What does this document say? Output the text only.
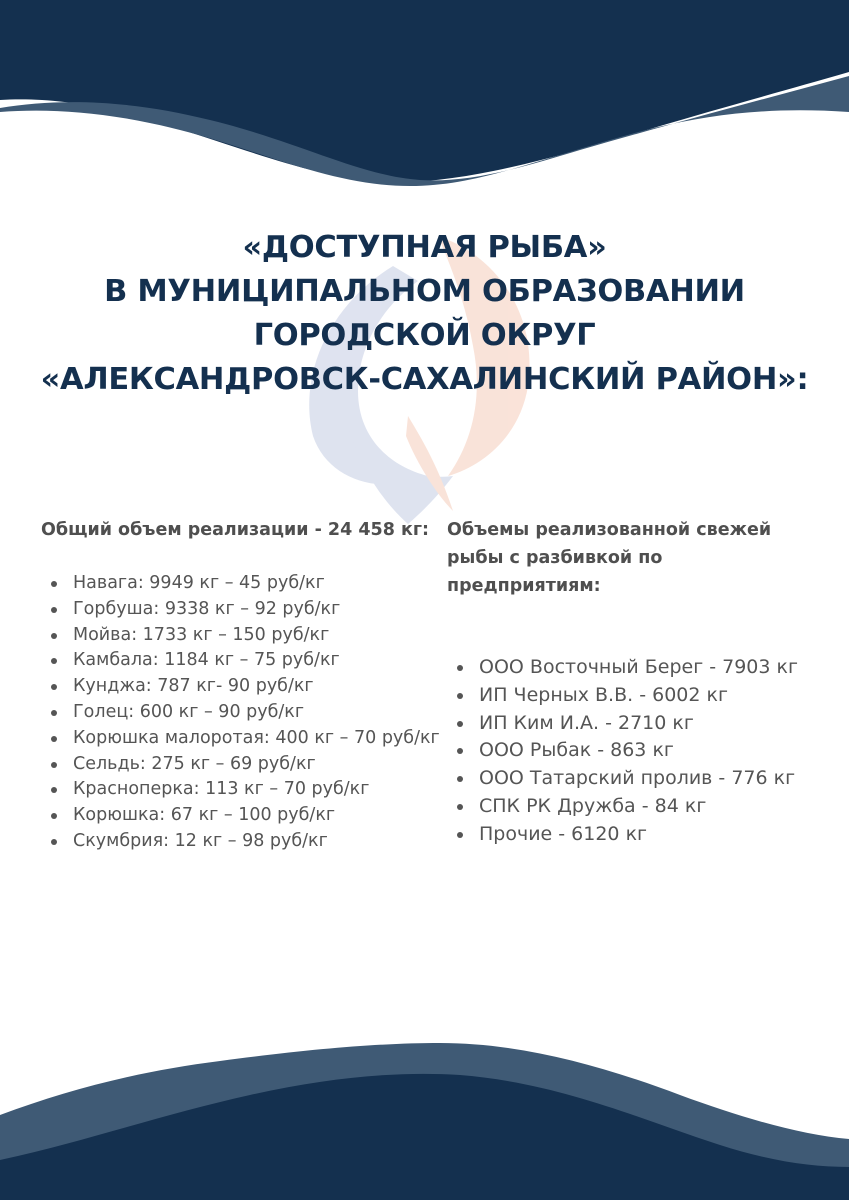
«ДОСТУПНАЯ РЫБА»
В МУНИЦИПАЛЬНОМ ОБРАЗОВАНИИ
ГОРОДСКОЙ ОКРУГ
«АЛЕКСАНДРОВСК-САХАЛИНСКИЙ РАЙОН»:

Общий объем реализации - 24 458 кг:

Навага: 9949 кг – 45 руб/кг
Горбуша: 9338 кг – 92 руб/кг
Мойва: 1733 кг – 150 руб/кг
Камбала: 1184 кг – 75 руб/кг
Кунджа: 787 кг- 90 руб/кг
Голец: 600 кг – 90 руб/кг
Корюшка малоротая: 400 кг – 70 руб/кг
Сельдь: 275 кг – 69 руб/кг
Красноперка: 113 кг – 70 руб/кг
Корюшка: 67 кг – 100 руб/кг
Скумбрия: 12 кг – 98 руб/кг
Объемы реализованной свежей
рыбы с разбивкой по
предприятиям:
ООО Восточный Берег - 7903 кг
ИП Черных В.В. - 6002 кг
ИП Ким И.А. - 2710 кг
ООО Рыбак - 863 кг
ООО Татарский пролив - 776 кг
СПК РК Дружба - 84 кг
Прочие - 6120 кг
